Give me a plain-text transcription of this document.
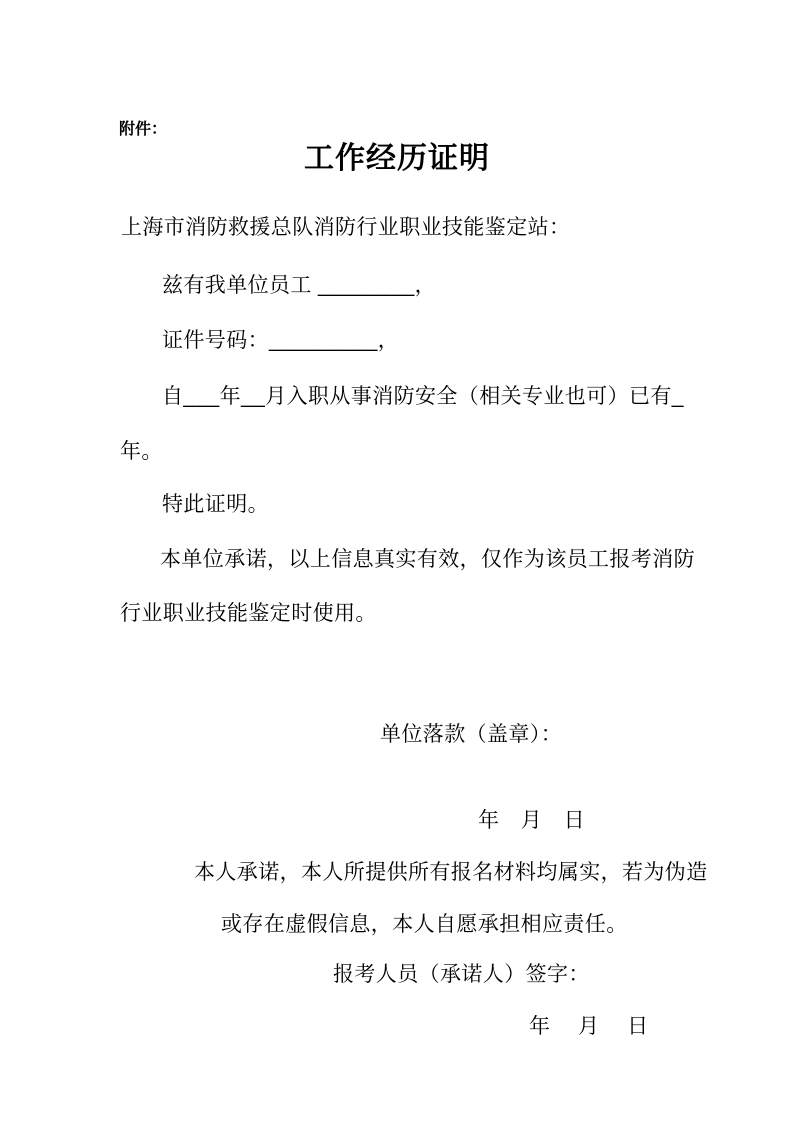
附件：
工作经历证明
上海市消防救援总队消防行业职业技能鉴定站：
兹有我单位员工 ________，
证件号码：_________，
自___年__月入职从事消防安全（相关专业也可）已有_
年。
特此证明。
本单位承诺，以上信息真实有效，仅作为该员工报考消防
行业职业技能鉴定时使用。
单位落款（盖章）：
年　月　日
本人承诺，本人所提供所有报名材料均属实，若为伪造
或存在虚假信息，本人自愿承担相应责任。
报考人员（承诺人）签字：
年　 月　 日
